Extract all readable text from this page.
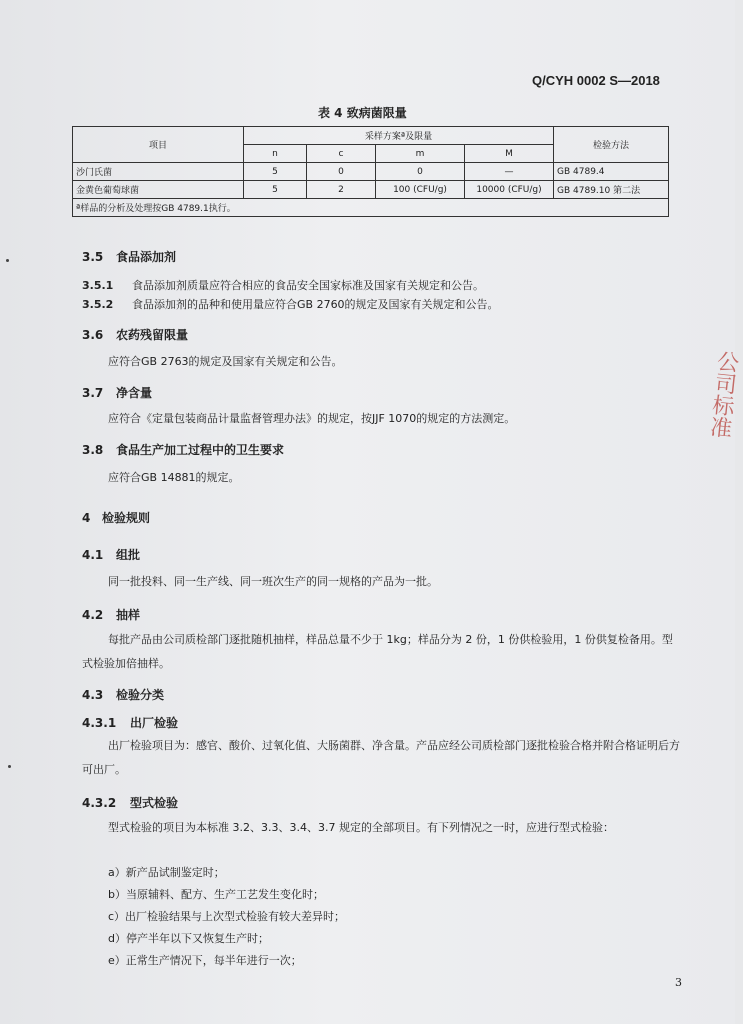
Q/CYH 0002 S—2018
表 4 致病菌限量
项目	采样方案ª及限量				检验方法
	n	c	m	M	
沙门氏菌	5	0	0	—	GB 4789.4
金黄色葡萄球菌	5	2	100 (CFU/g)	10000 (CFU/g)	GB 4789.10 第二法
ª样品的分析及处理按GB 4789.1执行。					
3.5 食品添加剂
3.5.1 食品添加剂质量应符合相应的食品安全国家标准及国家有关规定和公告。
3.5.2 食品添加剂的品种和使用量应符合GB 2760的规定及国家有关规定和公告。
3.6 农药残留限量
应符合GB 2763的规定及国家有关规定和公告。
3.7 净含量
应符合《定量包装商品计量监督管理办法》的规定，按JJF 1070的规定的方法测定。
3.8 食品生产加工过程中的卫生要求
应符合GB 14881的规定。
4 检验规则
4.1 组批
同一批投料、同一生产线、同一班次生产的同一规格的产品为一批。
4.2 抽样
每批产品由公司质检部门逐批随机抽样，样品总量不少于 1kg；样品分为 2 份，1 份供检验用，1 份供复检备用。型式检验加倍抽样。
4.3 检验分类
4.3.1 出厂检验
出厂检验项目为：感官、酸价、过氧化值、大肠菌群、净含量。产品应经公司质检部门逐批检验合格并附合格证明后方可出厂。
4.3.2 型式检验
型式检验的项目为本标准 3.2、3.3、3.4、3.7 规定的全部项目。有下列情况之一时，应进行型式检验：
a）新产品试制鉴定时；
b）当原辅料、配方、生产工艺发生变化时；
c）出厂检验结果与上次型式检验有较大差异时；
d）停产半年以下又恢复生产时；
e）正常生产情况下，每半年进行一次；
3
公司标准
